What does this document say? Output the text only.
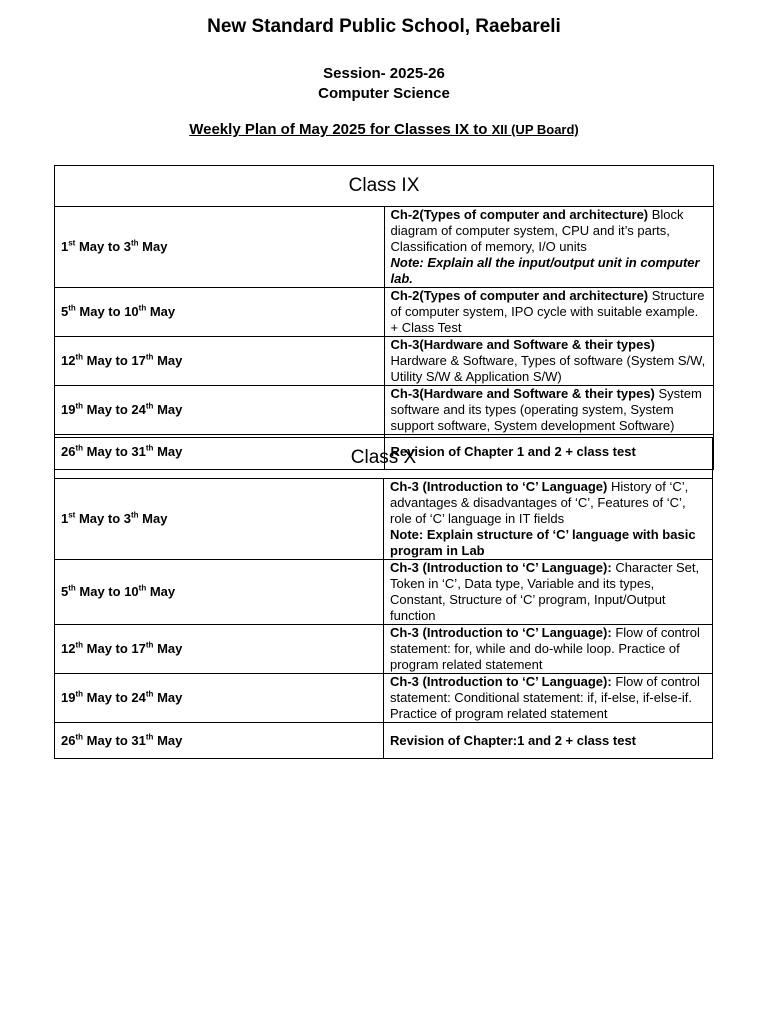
New Standard Public School, Raebareli
Session- 2025-26
Computer Science
Weekly Plan of May 2025 for Classes IX to XII (UP Board)
Class IX	
1st May to 3th May	Ch-2(Types of computer and architecture) Block diagram of computer system, CPU and it’s parts, Classification of memory, I/O units
Note: Explain all the input/output unit in computer lab.

5th May to 10th May	Ch-2(Types of computer and architecture) Structure of computer system, IPO cycle with suitable example. + Class Test
12th May to 17th May	Ch-3(Hardware and Software & their types) Hardware & Software, Types of software (System S/W, Utility S/W & Application S/W)
19th May to 24th May	Ch-3(Hardware and Software & their types) System software and its types (operating system, System support software, System development Software)
26th May to 31th May	Revision of Chapter 1 and 2 + class test
Class X	
1st May to 3th May	Ch-3 (Introduction to ‘C’ Language) History of ‘C’, advantages & disadvantages of ‘C’, Features of ‘C’, role of ‘C’ language in IT fields
Note: Explain structure of ‘C’ language with basic program in Lab

5th May to 10th May	Ch-3 (Introduction to ‘C’ Language): Character Set, Token in ‘C’, Data type, Variable and its types, Constant, Structure of ‘C’ program, Input/Output function
12th May to 17th May	Ch-3 (Introduction to ‘C’ Language): Flow of control statement: for, while and do-while loop. Practice of program related statement
19th May to 24th May	Ch-3 (Introduction to ‘C’ Language): Flow of control statement: Conditional statement: if, if-else, if-else-if. Practice of program related statement
26th May to 31th May	Revision of Chapter:1 and 2 + class test
